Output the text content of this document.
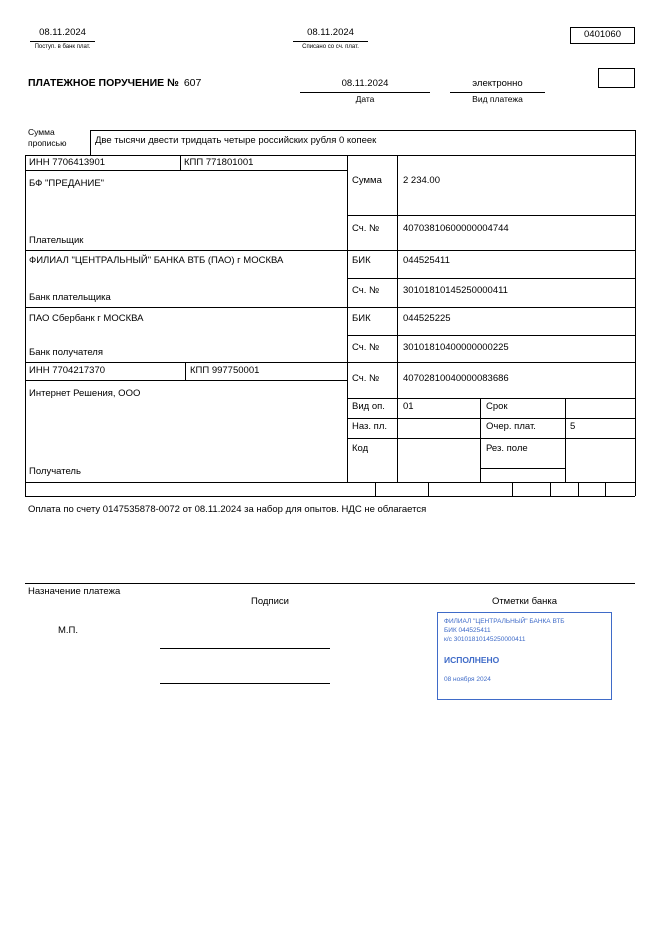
08.11.2024
Поступ. в банк плат.
08.11.2024
Списано со сч. плат.
0401060
ПЛАТЕЖНОЕ ПОРУЧЕНИЕ № 607	08.11.2024
Дата
электронно
Вид платежа
Сумма
прописью	Две тысячи двести тридцать четыре российских рубля 0 копеек
ИНН 7706413901	КПП 771801001
Сумма 2 234.00
БФ "ПРЕДАНИЕ"
Плательщик
Сч. №	40703810600000004744
ФИЛИАЛ "ЦЕНТРАЛЬНЫЙ" БАНКА ВТБ (ПАО) г МОСКВА
Банк плательщика
БИК	044525411
Сч. №	30101810145250000411
ПАО Сбербанк г МОСКВА
Банк получателя
БИК	044525225
Сч. №	30101810400000000225
ИНН 7704217370	КПП 997750001
Сч. №	40702810040000083686
Интернет Решения, ООО
Вид оп. 01	Срок
Наз. пл.	Очер. плат.	5
Код	Рез. поле
Получатель
Оплата по счету 0147535878-0072 от 08.11.2024 за набор для опытов. НДС не облагается
Назначение платежа
Подписи	Отметки банка
М.П.
ФИЛИАЛ "ЦЕНТРАЛЬНЫЙ" БАНКА ВТБ
БИК 044525411
к/с 30101810145250000411
ИСПОЛНЕНО
08 ноября 2024
